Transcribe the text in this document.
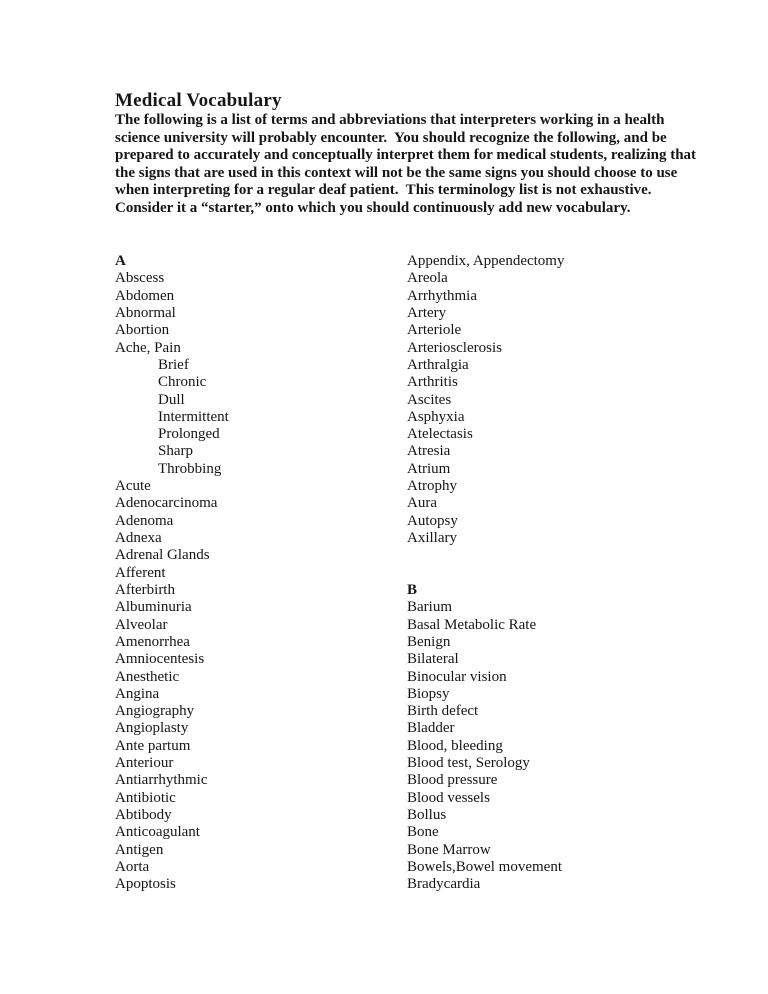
Medical Vocabulary
The following is a list of terms and abbreviations that interpreters working in a health
science university will probably encounter.  You should recognize the following, and be
prepared to accurately and conceptually interpret them for medical students, realizing that
the signs that are used in this context will not be the same signs you should choose to use
when interpreting for a regular deaf patient.  This terminology list is not exhaustive.
Consider it a “starter,” onto which you should continuously add new vocabulary.
A
Abscess
Abdomen
Abnormal
Abortion
Ache, Pain
Brief
Chronic
Dull
Intermittent
Prolonged
Sharp
Throbbing
Acute
Adenocarcinoma
Adenoma
Adnexa
Adrenal Glands
Afferent
Afterbirth
Albuminuria
Alveolar
Amenorrhea
Amniocentesis
Anesthetic
Angina
Angiography
Angioplasty
Ante partum
Anteriour
Antiarrhythmic
Antibiotic
Abtibody
Anticoagulant
Antigen
Aorta
Apoptosis
Appendix, Appendectomy
Areola
Arrhythmia
Artery
Arteriole
Arteriosclerosis
Arthralgia
Arthritis
Ascites
Asphyxia
Atelectasis
Atresia
Atrium
Atrophy
Aura
Autopsy
Axillary
B
Barium
Basal Metabolic Rate
Benign
Bilateral
Binocular vision
Biopsy
Birth defect
Bladder
Blood, bleeding
Blood test, Serology
Blood pressure
Blood vessels
Bollus
Bone
Bone Marrow
Bowels,Bowel movement
Bradycardia
